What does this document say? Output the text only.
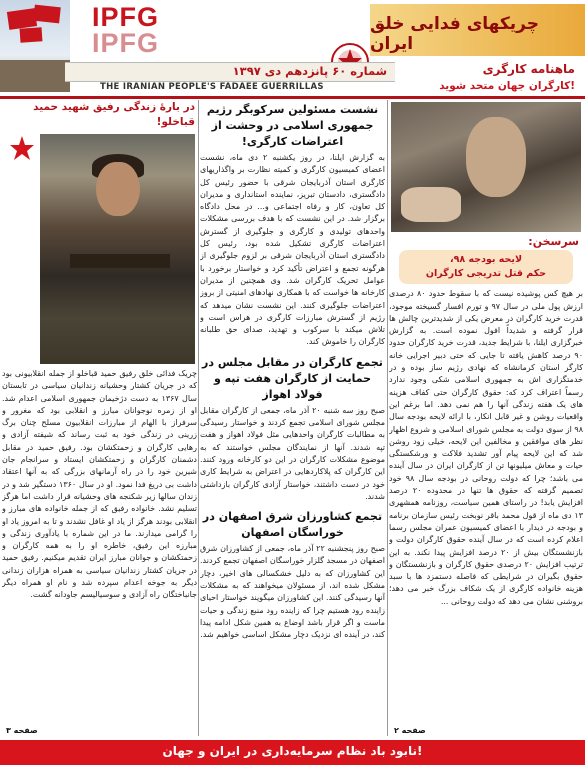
IPFG
IPFG
چریکهای فدایی خلق ایران
شماره ۶۰ پانزدهم دی ۱۳۹۷
THE IRANIAN PEOPLE'S FADAEE GUERRILLAS
ماهنامه کارگری
کارگران جهان متحد شوید!
در بارهٔ زندگی رفیق شهید حمید قباخلو!

چریک فدائی خلق رفیق حمید قباخلو از جمله انقلابیونی بود که در جریان کشتار وحشیانه زندانیان سیاسی در تابستان سال ۱۳۶۷ به دست دژخیمان جمهوری اسلامی اعدام شد. او از زمره نوجوانان مبارز و انقلابی بود که مغرور و سرفراز با الهام از مبارزات انقلابیون مسلح چنان برگ زرینی در زندگی خود به ثبت رساند که شیفته آزادی و رهایی کارگران و زحمتکشان بود. رفیق حمید در مقابل دشمنان کارگران و زحمتکشان ایستاد و سرانجام جان شیرین خود را در راه آرمانهای بزرگی که به آنها اعتقاد داشت بی دریغ فدا نمود. او در سال ۱۳۶۰ دستگیر شد و در زندان سالها زیر شکنجه های وحشیانه قرار داشت اما هرگز تسلیم نشد. خانواده رفیق که از جمله خانواده های مبارز و انقلابی بودند هرگز از یاد او غافل نشدند و تا به امروز یاد او را گرامی میدارند. ما در این شماره با یادآوری زندگی و مبارزه این رفیق، خاطره او را به همه کارگران و زحمتکشان و جوانان مبارز ایران تقدیم میکنیم. رفیق حمید در جریان کشتار زندانیان سیاسی به همراه هزاران زندانی دیگر به جوخه اعدام سپرده شد و نام او همراه دیگر جانباختگان راه آزادی و سوسیالیسم جاودانه گشت.

صفحه ۳
نشست مسئولین سرکوبگر رژیم جمهوری اسلامی در وحشت از اعتراضات کارگری!

به گزارش ایلنا، در روز یکشنبه ۲ دی ماه، نشست اعضای کمیسیون کارگری و کمیته نظارت بر واگذاریهای کارگری استان آذربایجان شرقی با حضور رئیس کل دادگستری، دادستان تبریز، نماینده استانداری و مدیران کل تعاون، کار و رفاه اجتماعی و... در محل دادگاه برگزار شد. در این نشست که با هدف بررسی مشکلات واحدهای تولیدی و کارگری و جلوگیری از گسترش اعتراضات کارگری تشکیل شده بود، رئیس کل دادگستری استان آذربایجان شرقی بر لزوم جلوگیری از هرگونه تجمع و اعتراض تأکید کرد و خواستار برخورد با عوامل تحریک کارگران شد. وی همچنین از مدیران کارخانه ها خواست که با همکاری نهادهای امنیتی از بروز اعتراضات جلوگیری کنند. این نشست نشان میدهد که رژیم از گسترش مبارزات کارگری در هراس است و تلاش میکند با سرکوب و تهدید، صدای حق طلبانه کارگران را خاموش کند.

تجمع کارگران در مقابل مجلس در حمایت از کارگران هفت تپه و فولاد اهواز

صبح روز سه شنبه ۲۰ آذر ماه، جمعی از کارگران مقابل مجلس شورای اسلامی تجمع کردند و خواستار رسیدگی به مطالبات کارگران واحدهایی مثل فولاد اهواز و هفت تپه شدند. آنها از نمایندگان مجلس خواستند که به موضوع مشکلات کارگران در این دو کارخانه ورود کنند. این کارگران که پلاکاردهایی در اعتراض به شرایط کاری خود در دست داشتند، خواستار آزادی کارگران بازداشتی شدند.

تجمع کشاورزان شرق اصفهان در خوراسگان اصفهان

صبح روز پنجشنبه ۲۲ آذر ماه، جمعی از کشاورزان شرق اصفهان در مسجد گلزار خوراسگان اصفهان تجمع کردند. این کشاورزان که به دلیل خشکسالی های اخیر، دچار مشکل شده اند، از مسئولان میخواهند که به مشکلات آنها رسیدگی کنند. این کشاورزان میگویند خواستار احیای زاینده رود هستیم چرا که زاینده رود منبع زندگی و حیات ماست و اگر قرار باشد اوضاع به همین شکل ادامه پیدا کند، در آینده ای نزدیک دچار مشکل اساسی خواهیم شد.

سرسخن:
لایحه بودجه ۹۸،
حکم قتل تدریجی کارگران

بر هیچ کس پوشیده نیست که با سقوط حدود ۸۰ درصدی ارزش پول ملی در سال ۹۷ و تورم افسار گسیخته موجود، قدرت خرید کارگران در معرض یکی از شدیدترین چالش ها قرار گرفته و شدیداً افول نموده است. به گزارش خبرگزاری ایلنا، با شرایط جدید، قدرت خرید کارگران حدود ۹۰ درصد کاهش یافته تا جایی که حتی دبیر اجرایی خانه کارگر استان کرمانشاه که نهادی رژیم ساز بوده و در خدمتگزاری اش به جمهوری اسلامی شکی وجود ندارد رسماً اعتراف کرد که: حقوق کارگران حتی کفاف هزینه های یک هفته زندگی آنها را هم نمی دهد. اما برغم این واقعیات روشن و غیر قابل انکار، با ارائه لایحه بودجه سال ۹۸ از سوی دولت به مجلس شورای اسلامی و شروع اظهار نظر های موافقین و مخالفین این لایحه، خیلی زود روشن شد که این لایحه پیام آور تشدید فلاکت و ورشکستگی حیات و معاش میلیونها تن از کارگران ایران در سال آینده می باشد؛ چرا که دولت روحانی در بودجه سال ۹۸ خود تصمیم گرفته که حقوق ها تنها در محدوده ۲۰ درصد افزایش یابد! در راستای همین سیاست، روزنامه همشهری ۱۳ دی ماه از قول محمد باقر نوبخت رئیس سازمان برنامه و بودجه در دیدار با اعضای کمیسیون عمران مجلس رسما اعلام کرده است که در سال آینده حقوق کارگران دولت و بازنشستگان بیش از ۲۰ درصد افزایش پیدا نکند. به این ترتیب افزایش ۲۰ درصدی حقوق کارگران و بازنشستگان و حقوق بگیران در شرایطی که فاصله دستمزد ها با سبد هزینه خانواده کارگری از یک شکاف بزرگ خبر می دهد؛ بروشنی نشان می دهد که دولت روحانی ...

صفحه ۲
نابود باد نظام سرمایه‌داری در ایران و جهان!
